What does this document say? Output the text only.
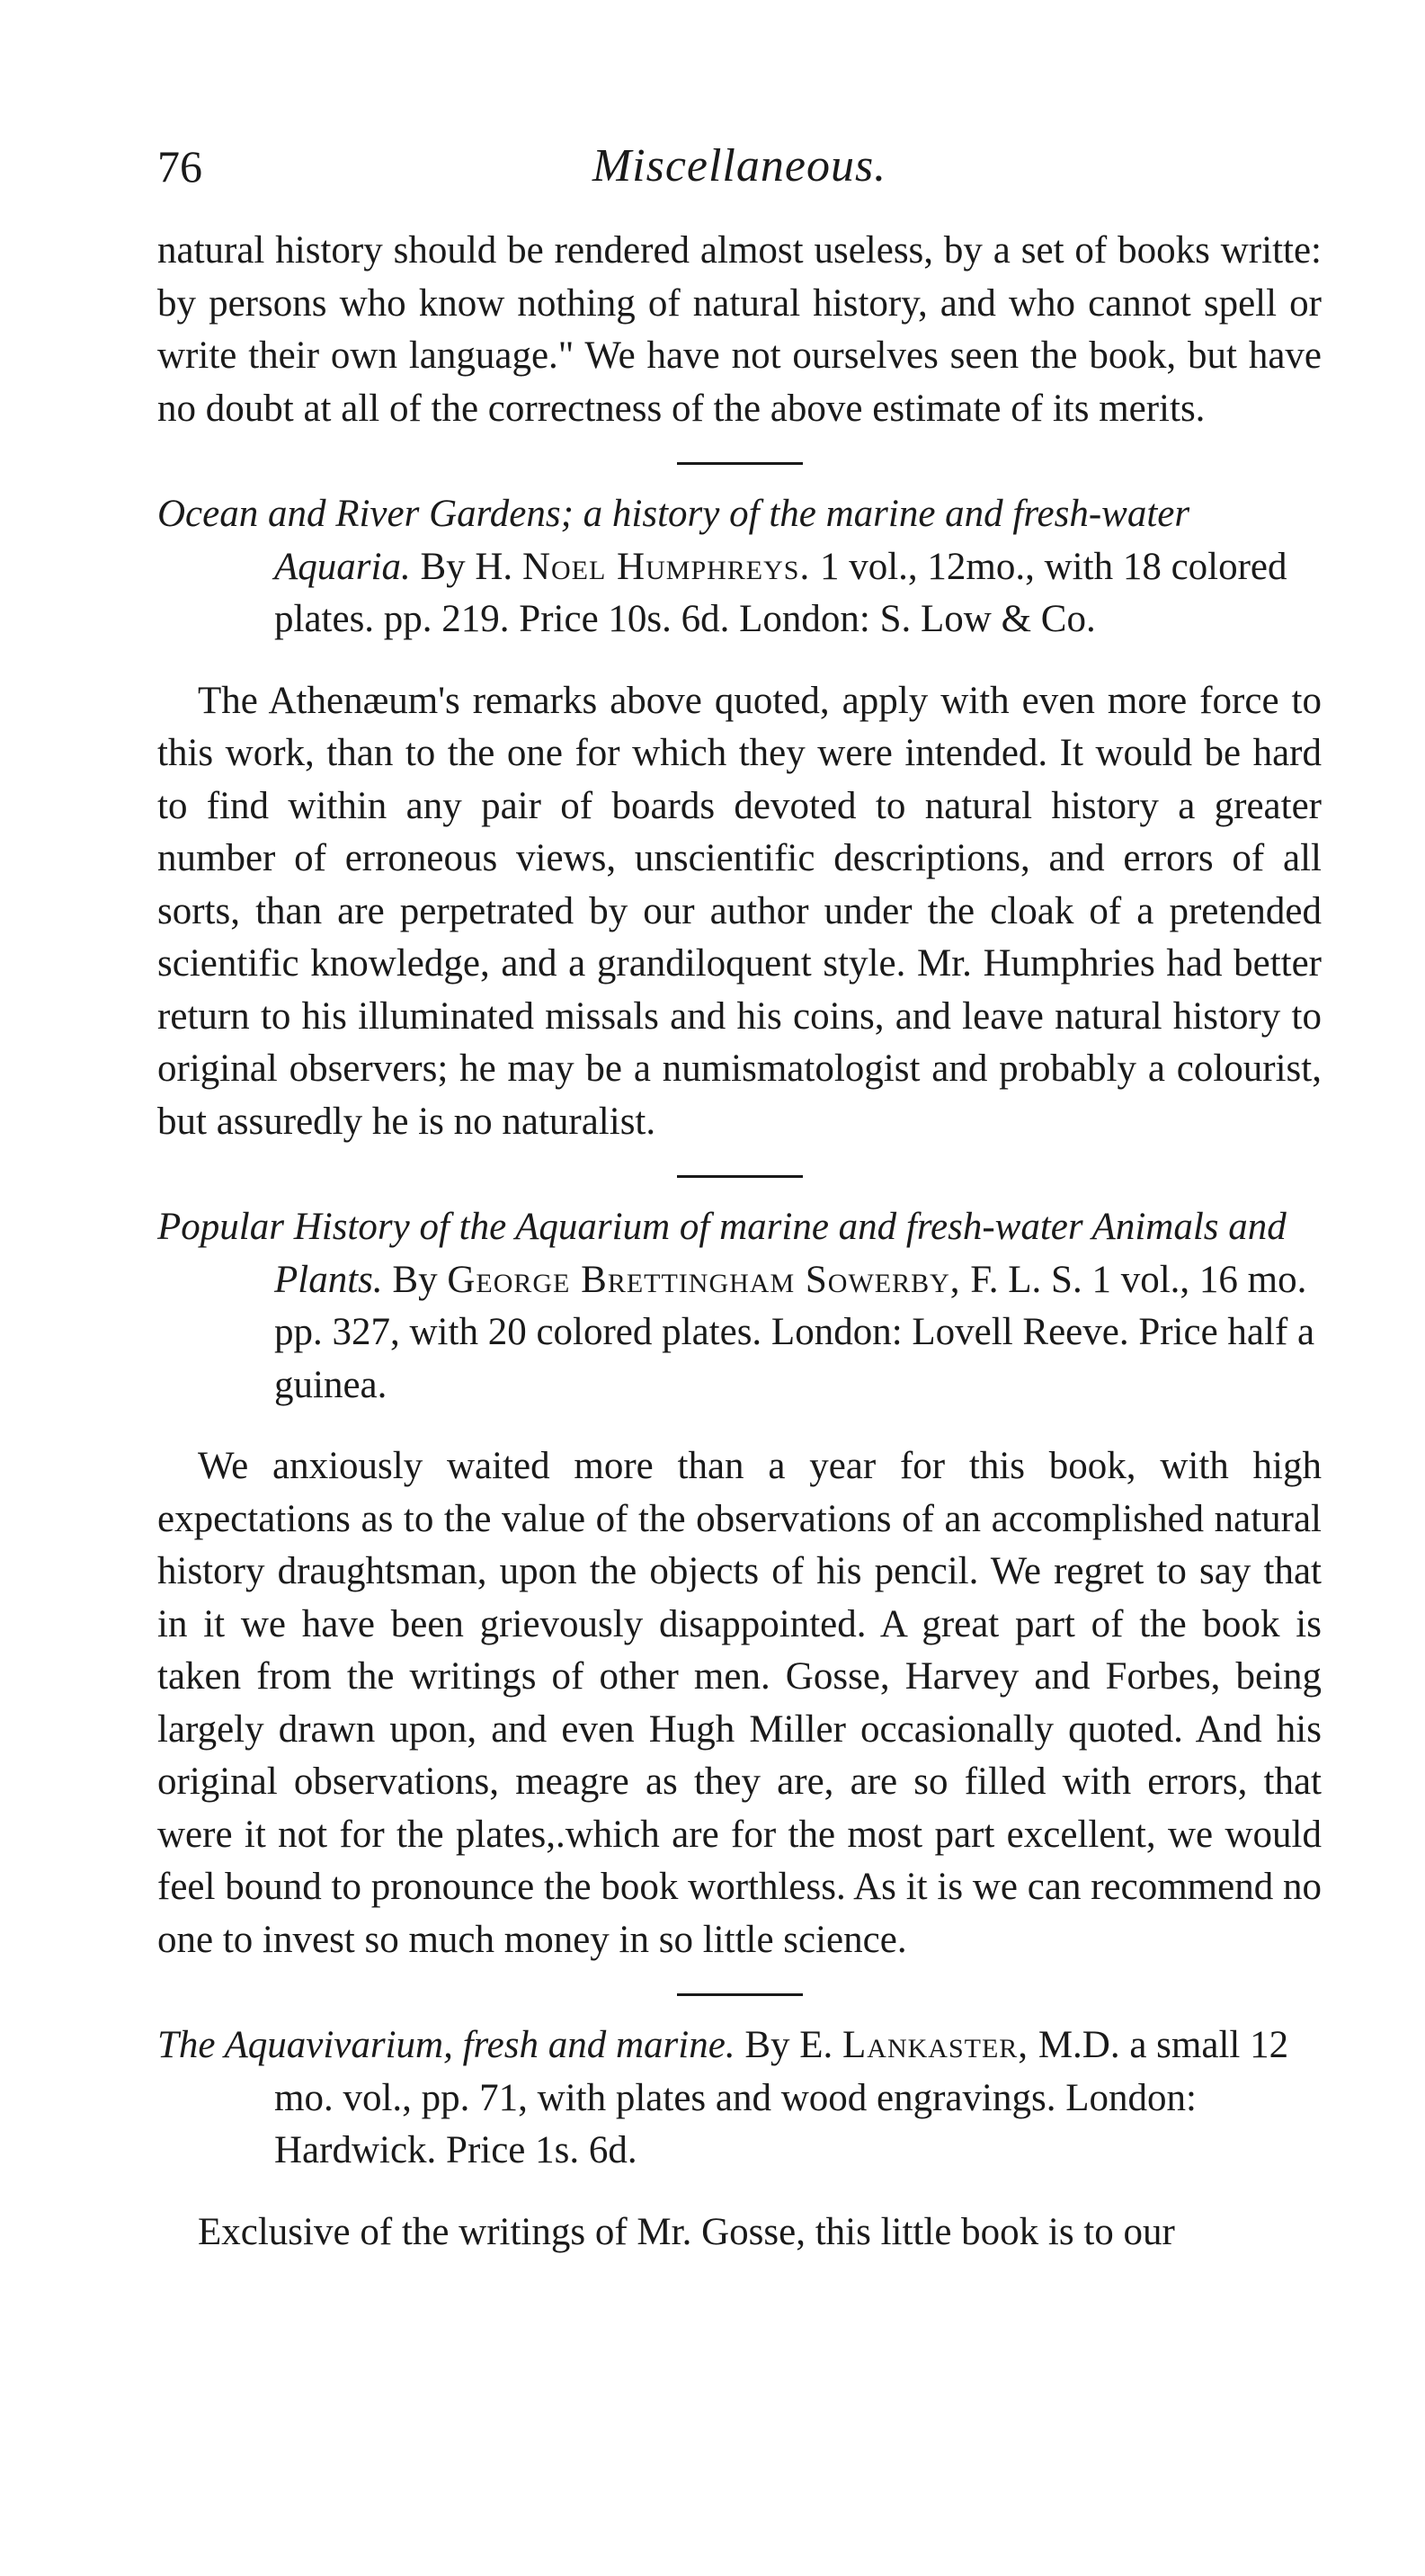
76	Miscellaneous.

natural history should be rendered almost useless, by a set of books writte: by persons who know nothing of natural history, and who cannot spell or write their own language." We have not ourselves seen the book, but have no doubt at all of the correctness of the above estimate of its merits.

Ocean and River Gardens; a history of the marine and fresh-water Aquaria. By H. Noel Humphreys. 1 vol., 12mo., with 18 colored plates. pp. 219. Price 10s. 6d. London: S. Low & Co.

The Athenæum's remarks above quoted, apply with even more force to this work, than to the one for which they were intended. It would be hard to find within any pair of boards devoted to natural history a greater number of erroneous views, unscientific descriptions, and errors of all sorts, than are perpetrated by our author under the cloak of a pretended scientific knowledge, and a grandiloquent style. Mr. Humphries had better return to his illuminated missals and his coins, and leave natural history to original observers; he may be a numismatologist and probably a colourist, but assuredly he is no naturalist.

Popular History of the Aquarium of marine and fresh-water Animals and Plants. By George Brettingham Sowerby, F. L. S. 1 vol., 16 mo. pp. 327, with 20 colored plates. London: Lovell Reeve. Price half a guinea.

We anxiously waited more than a year for this book, with high expectations as to the value of the observations of an accomplished natural history draughtsman, upon the objects of his pencil. We regret to say that in it we have been grievously disappointed. A great part of the book is taken from the writings of other men. Gosse, Harvey and Forbes, being largely drawn upon, and even Hugh Miller occasionally quoted. And his original observations, meagre as they are, are so filled with errors, that were it not for the plates,.which are for the most part excellent, we would feel bound to pronounce the book worthless. As it is we can recommend no one to invest so much money in so little science.

The Aquavivarium, fresh and marine. By E. Lankaster, M.D. a small 12 mo. vol., pp. 71, with plates and wood engravings. London: Hardwick. Price 1s. 6d.

Exclusive of the writings of Mr. Gosse, this little book is to our
